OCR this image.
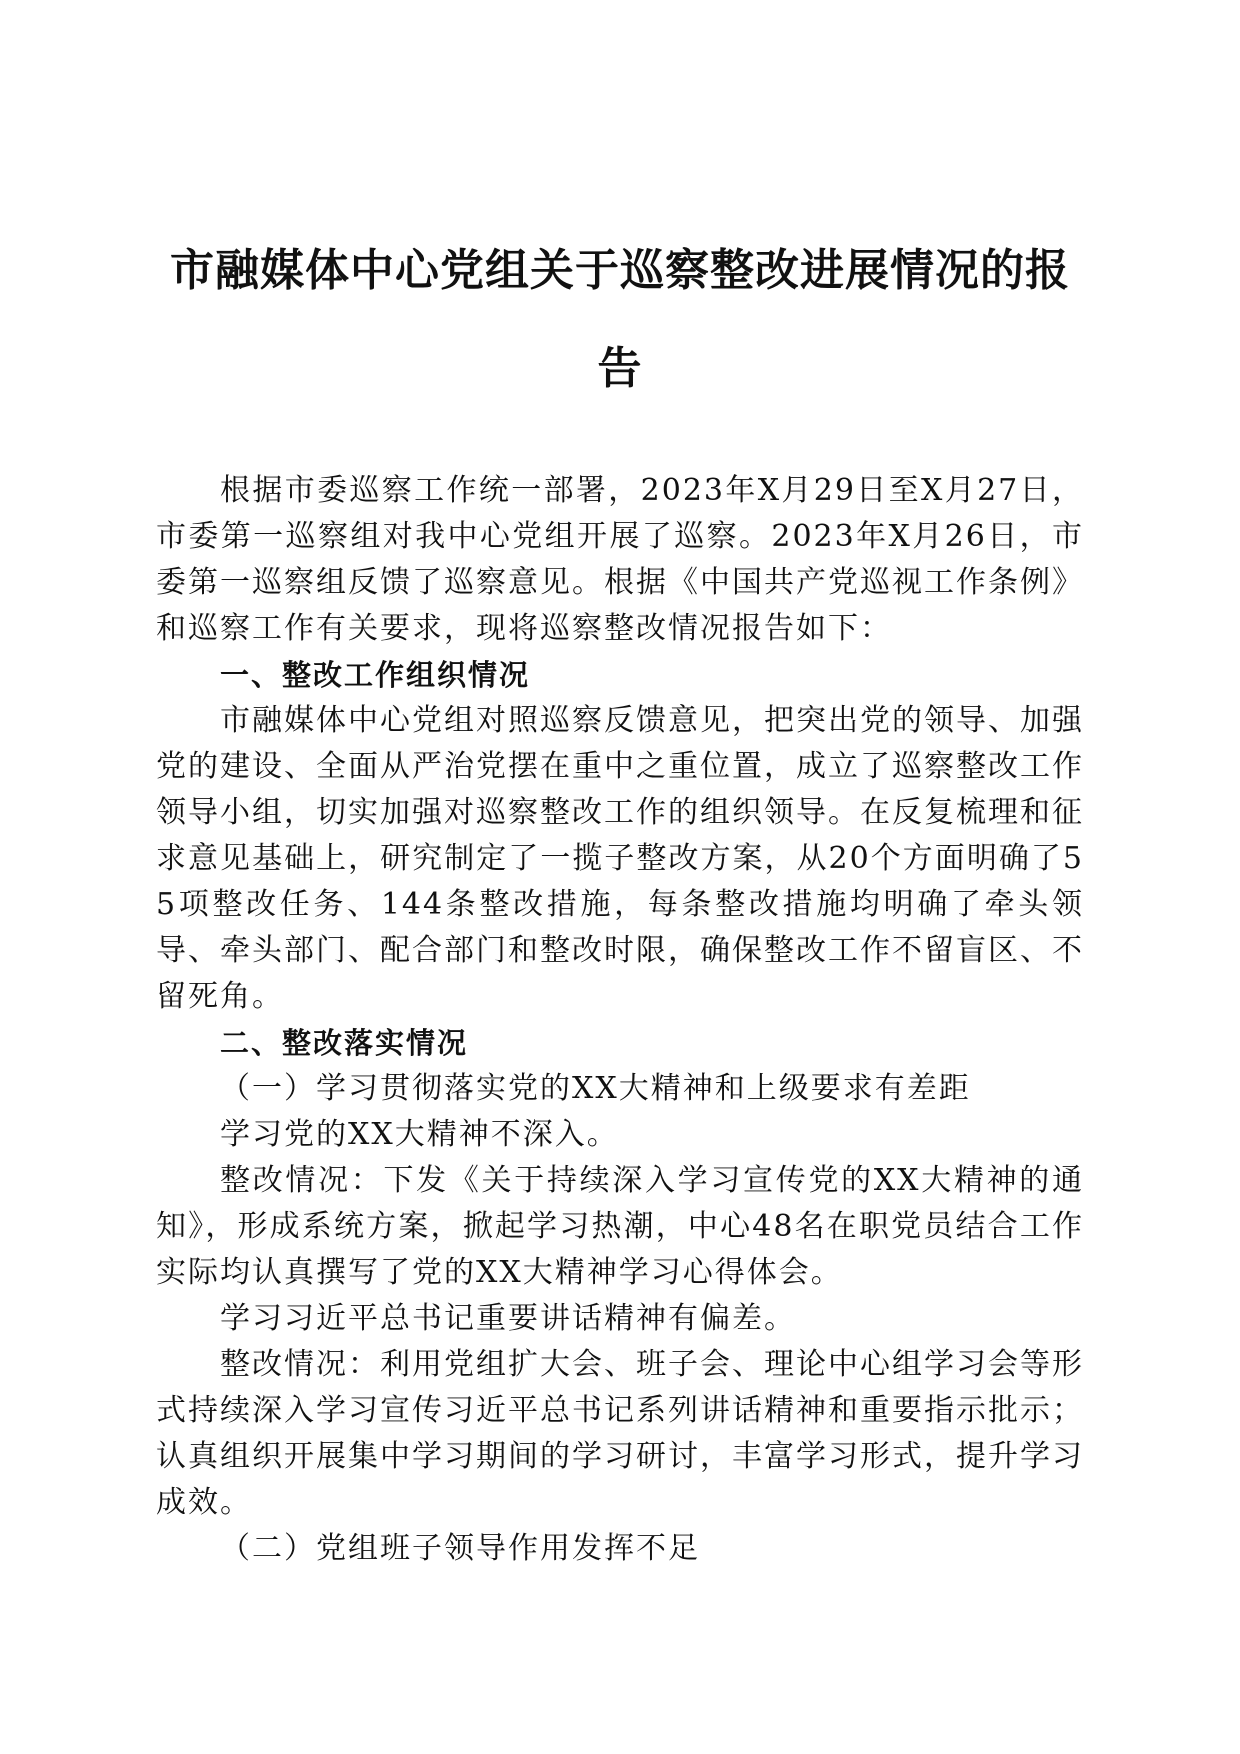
市融媒体中心党组关于巡察整改进展情况的报告

根据市委巡察工作统一部署，2023年X月29日至X月27日，市委第一巡察组对我中心党组开展了巡察。2023年X月26日，市委第一巡察组反馈了巡察意见。根据《中国共产党巡视工作条例》和巡察工作有关要求，现将巡察整改情况报告如下：

一、整改工作组织情况

市融媒体中心党组对照巡察反馈意见，把突出党的领导、加强党的建设、全面从严治党摆在重中之重位置，成立了巡察整改工作领导小组，切实加强对巡察整改工作的组织领导。在反复梳理和征求意见基础上，研究制定了一揽子整改方案，从20个方面明确了55项整改任务、144条整改措施，每条整改措施均明确了牵头领导、牵头部门、配合部门和整改时限，确保整改工作不留盲区、不留死角。

二、整改落实情况

（一）学习贯彻落实党的XX大精神和上级要求有差距

学习党的XX大精神不深入。

整改情况：下发《关于持续深入学习宣传党的XX大精神的通知》，形成系统方案，掀起学习热潮，中心48名在职党员结合工作实际均认真撰写了党的XX大精神学习心得体会。

学习习近平总书记重要讲话精神有偏差。

整改情况：利用党组扩大会、班子会、理论中心组学习会等形式持续深入学习宣传习近平总书记系列讲话精神和重要指示批示；认真组织开展集中学习期间的学习研讨，丰富学习形式，提升学习成效。

（二）党组班子领导作用发挥不足
